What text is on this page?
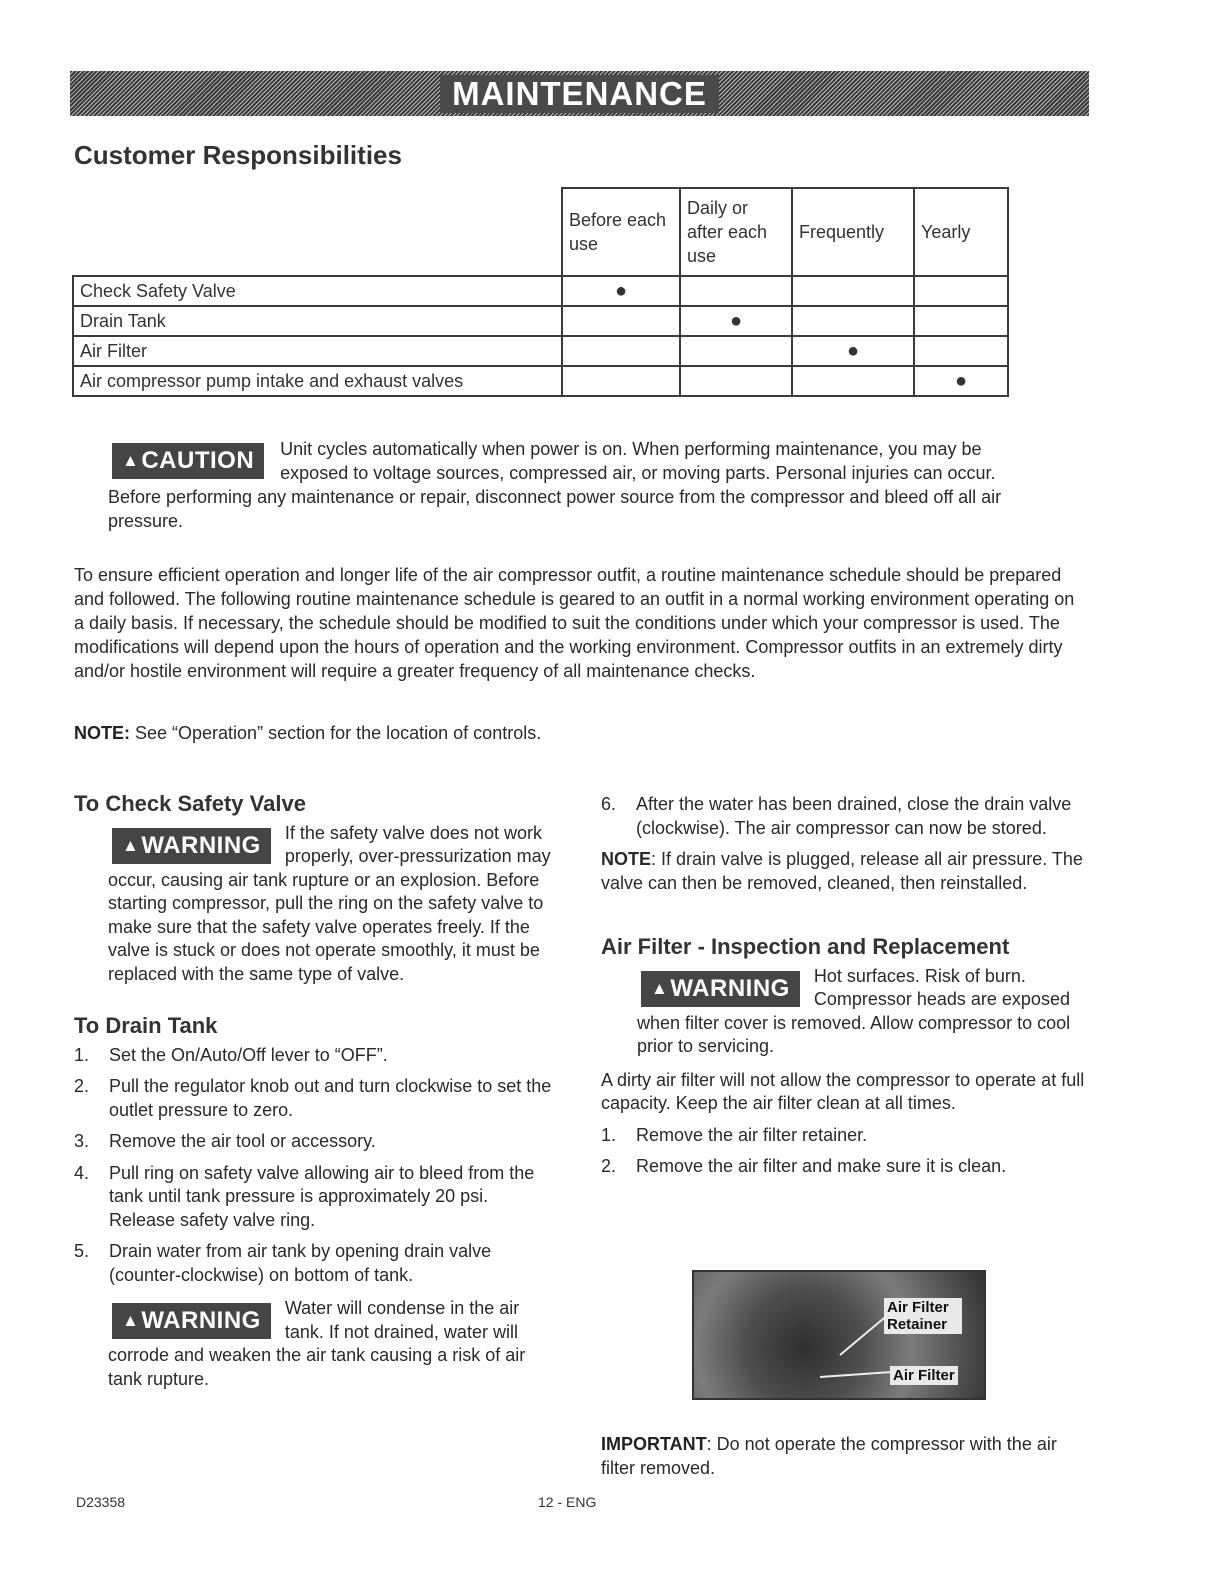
MAINTENANCE
Customer Responsibilities
	Before each use	Daily or after each use	Frequently	Yearly
Check Safety Valve	●			
Drain Tank		●		
Air Filter			●	
Air compressor pump intake and exhaust valves				●
▲CAUTION	Unit cycles automatically when power is on. When performing maintenance, you may be exposed to voltage sources, compressed air, or moving parts. Personal injuries can occur. Before performing any maintenance or repair, disconnect power source from the compressor and bleed off all air pressure.

To ensure efficient operation and longer life of the air compressor outfit, a routine maintenance schedule should be prepared and followed. The following routine maintenance schedule is geared to an outfit in a normal working environment operating on a daily basis. If necessary, the schedule should be modified to suit the conditions under which your compressor is used. The modifications will depend upon the hours of operation and the working environment. Compressor outfits in an extremely dirty and/or hostile environment will require a greater frequency of all maintenance checks.

NOTE: See “Operation” section for the location of controls.

To Check Safety Valve
▲WARNING	If the safety valve does not work properly, over-pressurization may occur, causing air tank rupture or an explosion. Before starting compressor, pull the ring on the safety valve to make sure that the safety valve operates freely. If the valve is stuck or does not operate smoothly, it must be replaced with the same type of valve.
To Drain Tank
1. Set the On/Auto/Off lever to “OFF”.
2. Pull the regulator knob out and turn clockwise to set the outlet pressure to zero.
3. Remove the air tool or accessory.
4. Pull ring on safety valve allowing air to bleed from the tank until tank pressure is approximately 20 psi. Release safety valve ring.
5. Drain water from air tank by opening drain valve (counter-clockwise) on bottom of tank.
▲WARNING	Water will condense in the air tank. If not drained, water will corrode and weaken the air tank causing a risk of air tank rupture.
6. After the water has been drained, close the drain valve (clockwise). The air compressor can now be stored.

NOTE: If drain valve is plugged, release all air pressure. The valve can then be removed, cleaned, then reinstalled.

Air Filter - Inspection and Replacement
▲WARNING	Hot surfaces. Risk of burn. Compressor heads are exposed when filter cover is removed. Allow compressor to cool prior to servicing.

A dirty air filter will not allow the compressor to operate at full capacity. Keep the air filter clean at all times.

1. Remove the air filter retainer.
2. Remove the air filter and make sure it is clean.
Air Filter Retainer
Air Filter

IMPORTANT: Do not operate the compressor with the air filter removed.

D23358	12 - ENG
